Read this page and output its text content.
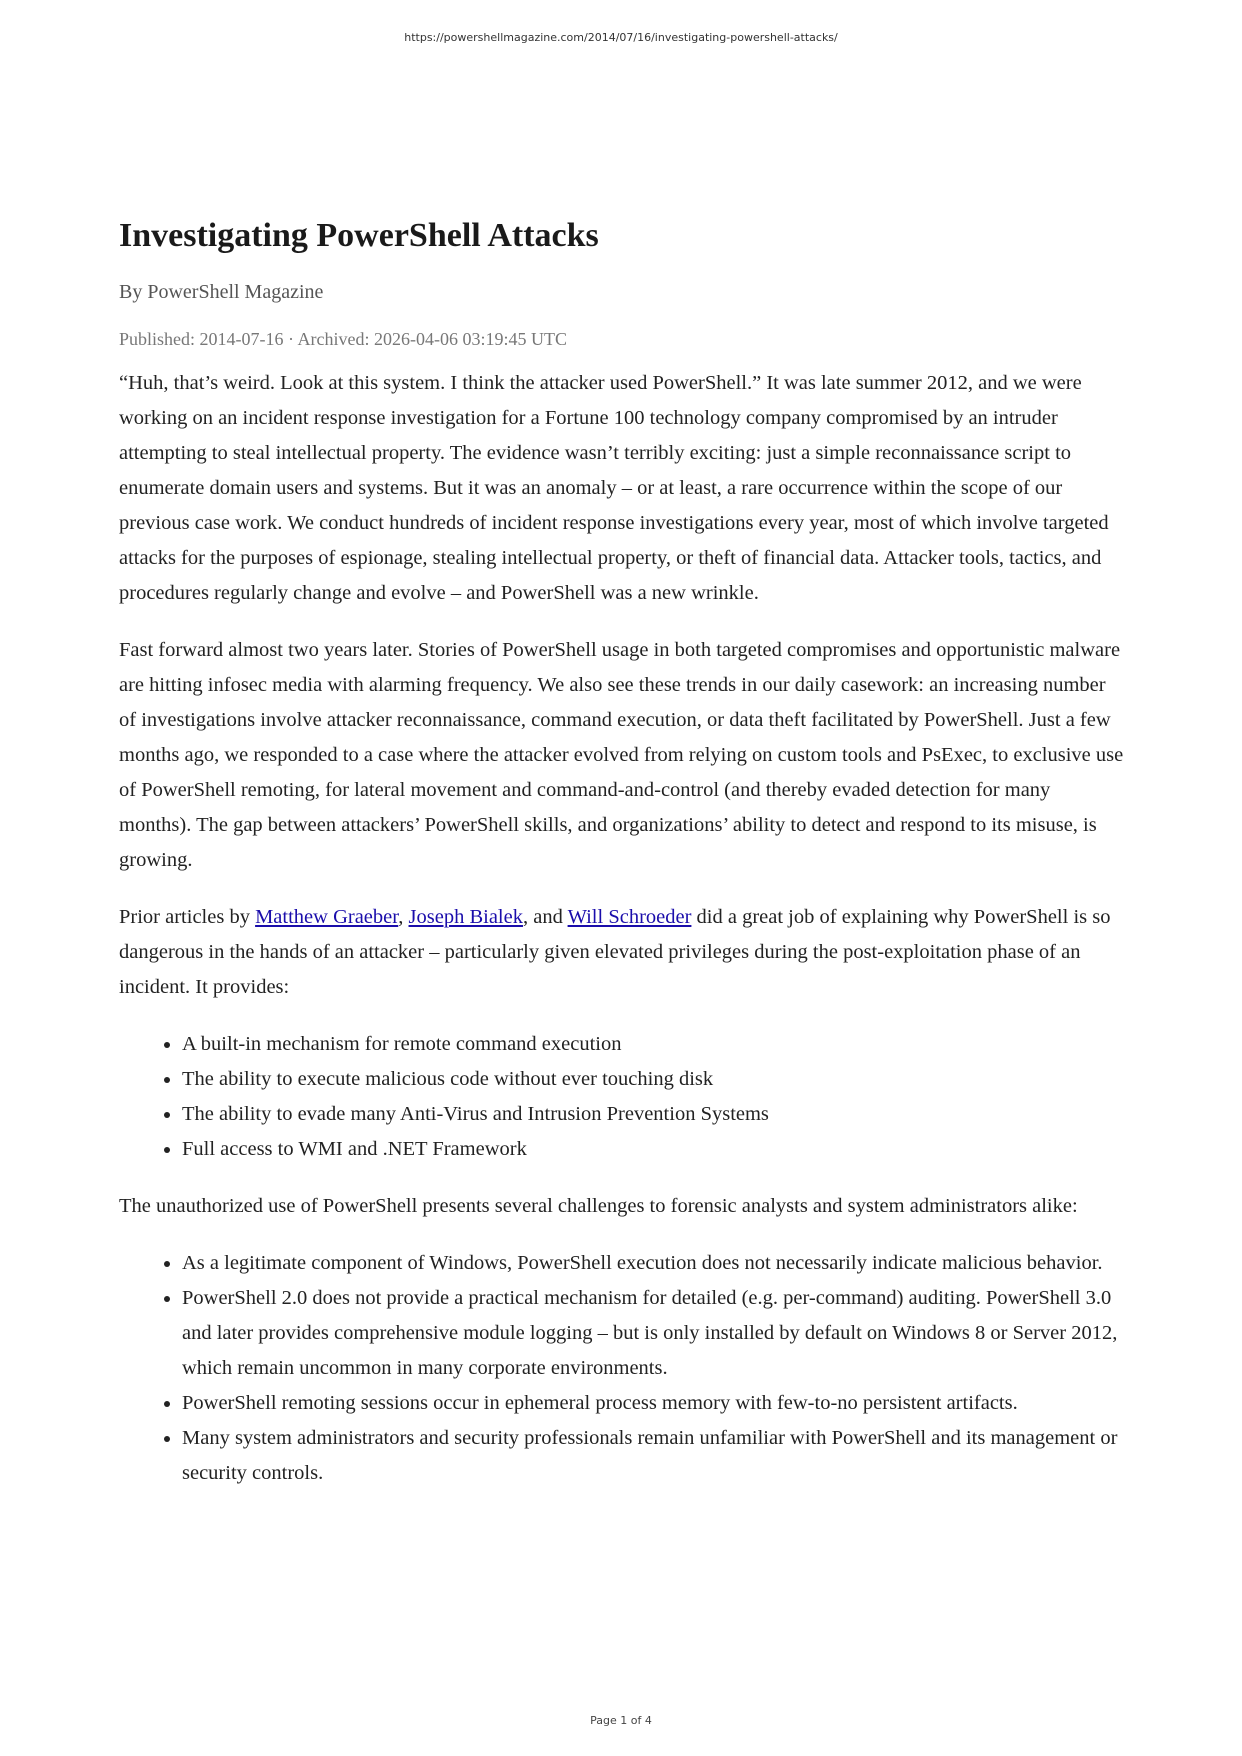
https://powershellmagazine.com/2014/07/16/investigating-powershell-attacks/
Investigating PowerShell Attacks
By PowerShell Magazine
Published: 2014-07-16 · Archived: 2026-04-06 03:19:45 UTC

“Huh, that’s weird. Look at this system. I think the attacker used PowerShell.” It was late summer 2012, and we were working on an incident response investigation for a Fortune 100 technology company compromised by an intruder attempting to steal intellectual property. The evidence wasn’t terribly exciting: just a simple reconnaissance script to enumerate domain users and systems. But it was an anomaly – or at least, a rare occurrence within the scope of our previous case work. We conduct hundreds of incident response investigations every year, most of which involve targeted attacks for the purposes of espionage, stealing intellectual property, or theft of financial data. Attacker tools, tactics, and procedures regularly change and evolve – and PowerShell was a new wrinkle.

Fast forward almost two years later. Stories of PowerShell usage in both targeted compromises and opportunistic malware are hitting infosec media with alarming frequency. We also see these trends in our daily casework: an increasing number of investigations involve attacker reconnaissance, command execution, or data theft facilitated by PowerShell. Just a few months ago, we responded to a case where the attacker evolved from relying on custom tools and PsExec, to exclusive use of PowerShell remoting, for lateral movement and command-and-control (and thereby evaded detection for many months). The gap between attackers’ PowerShell skills, and organizations’ ability to detect and respond to its misuse, is growing.

Prior articles by Matthew Graeber, Joseph Bialek, and Will Schroeder did a great job of explaining why PowerShell is so dangerous in the hands of an attacker – particularly given elevated privileges during the post-exploitation phase of an incident. It provides:

• A built-in mechanism for remote command execution
• The ability to execute malicious code without ever touching disk
• The ability to evade many Anti-Virus and Intrusion Prevention Systems
• Full access to WMI and .NET Framework

The unauthorized use of PowerShell presents several challenges to forensic analysts and system administrators alike:

• As a legitimate component of Windows, PowerShell execution does not necessarily indicate malicious behavior.
• PowerShell 2.0 does not provide a practical mechanism for detailed (e.g. per-command) auditing. PowerShell 3.0 and later provides comprehensive module logging – but is only installed by default on Windows 8 or Server 2012, which remain uncommon in many corporate environments.
• PowerShell remoting sessions occur in ephemeral process memory with few-to-no persistent artifacts.
• Many system administrators and security professionals remain unfamiliar with PowerShell and its management or security controls.
Page 1 of 4
